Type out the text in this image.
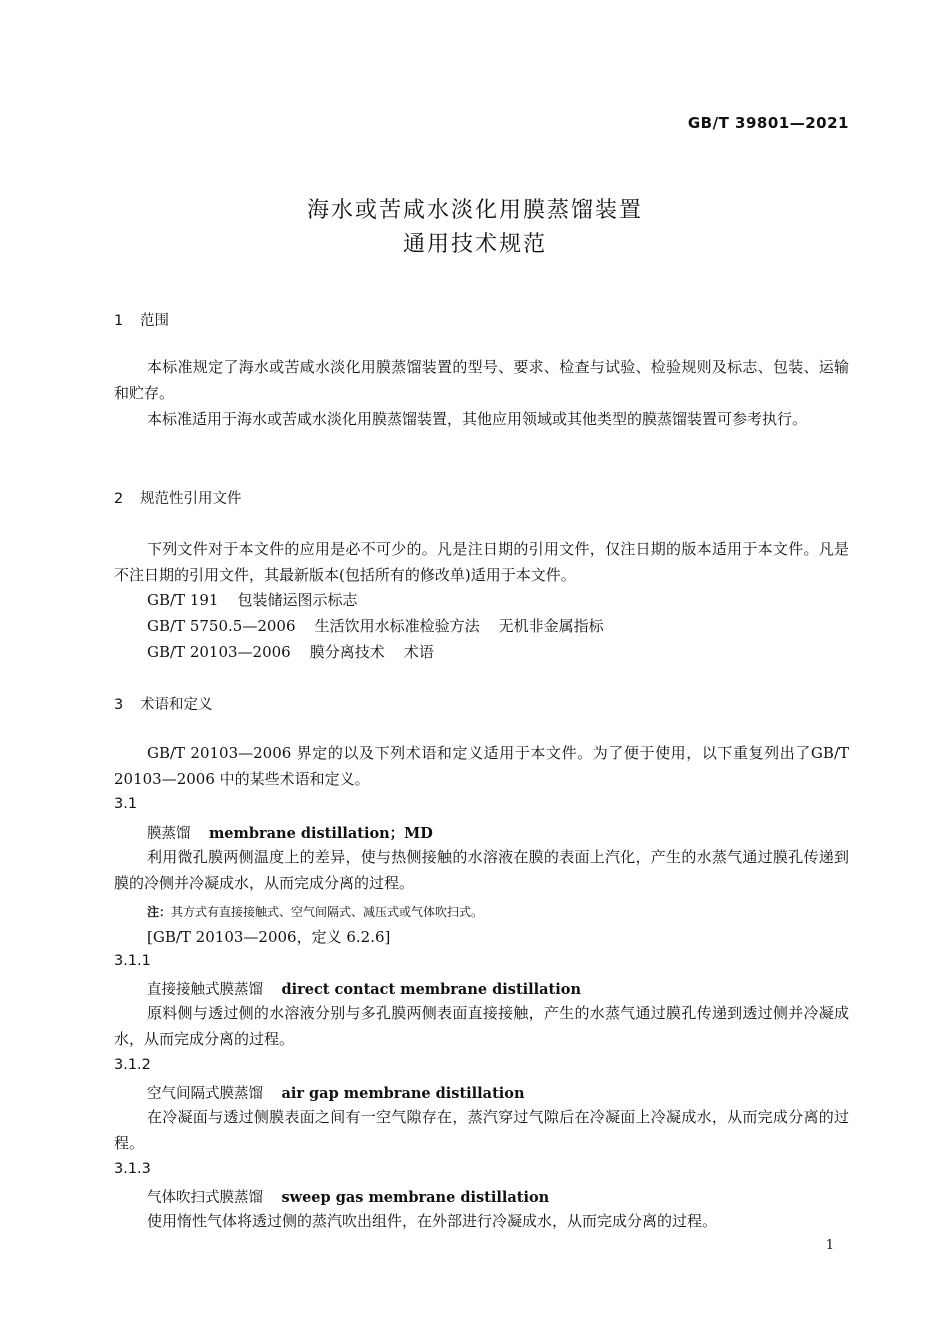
GB/T 39801—2021
海水或苦咸水淡化用膜蒸馏装置
通用技术规范
1 范围
本标准规定了海水或苦咸水淡化用膜蒸馏装置的型号、要求、检查与试验、检验规则及标志、包装、运输和贮存。
本标准适用于海水或苦咸水淡化用膜蒸馏装置，其他应用领域或其他类型的膜蒸馏装置可参考执行。
2 规范性引用文件
下列文件对于本文件的应用是必不可少的。凡是注日期的引用文件，仅注日期的版本适用于本文件。凡是不注日期的引用文件，其最新版本(包括所有的修改单)适用于本文件。
GB/T 191    包装储运图示标志
GB/T 5750.5—2006    生活饮用水标准检验方法    无机非金属指标
GB/T 20103—2006    膜分离技术    术语
3 术语和定义
GB/T 20103—2006 界定的以及下列术语和定义适用于本文件。为了便于使用，以下重复列出了GB/T 20103—2006 中的某些术语和定义。
3.1
膜蒸馏 membrane distillation；MD
利用微孔膜两侧温度上的差异，使与热侧接触的水溶液在膜的表面上汽化，产生的水蒸气通过膜孔传递到膜的冷侧并冷凝成水，从而完成分离的过程。
注：其方式有直接接触式、空气间隔式、减压式或气体吹扫式。
[GB/T 20103—2006，定义 6.2.6]
3.1.1
直接接触式膜蒸馏 direct contact membrane distillation
原料侧与透过侧的水溶液分别与多孔膜两侧表面直接接触，产生的水蒸气通过膜孔传递到透过侧并冷凝成水，从而完成分离的过程。
3.1.2
空气间隔式膜蒸馏 air gap membrane distillation
在冷凝面与透过侧膜表面之间有一空气隙存在，蒸汽穿过气隙后在冷凝面上冷凝成水，从而完成分离的过程。
3.1.3
气体吹扫式膜蒸馏 sweep gas membrane distillation
使用惰性气体将透过侧的蒸汽吹出组件，在外部进行冷凝成水，从而完成分离的过程。
1
